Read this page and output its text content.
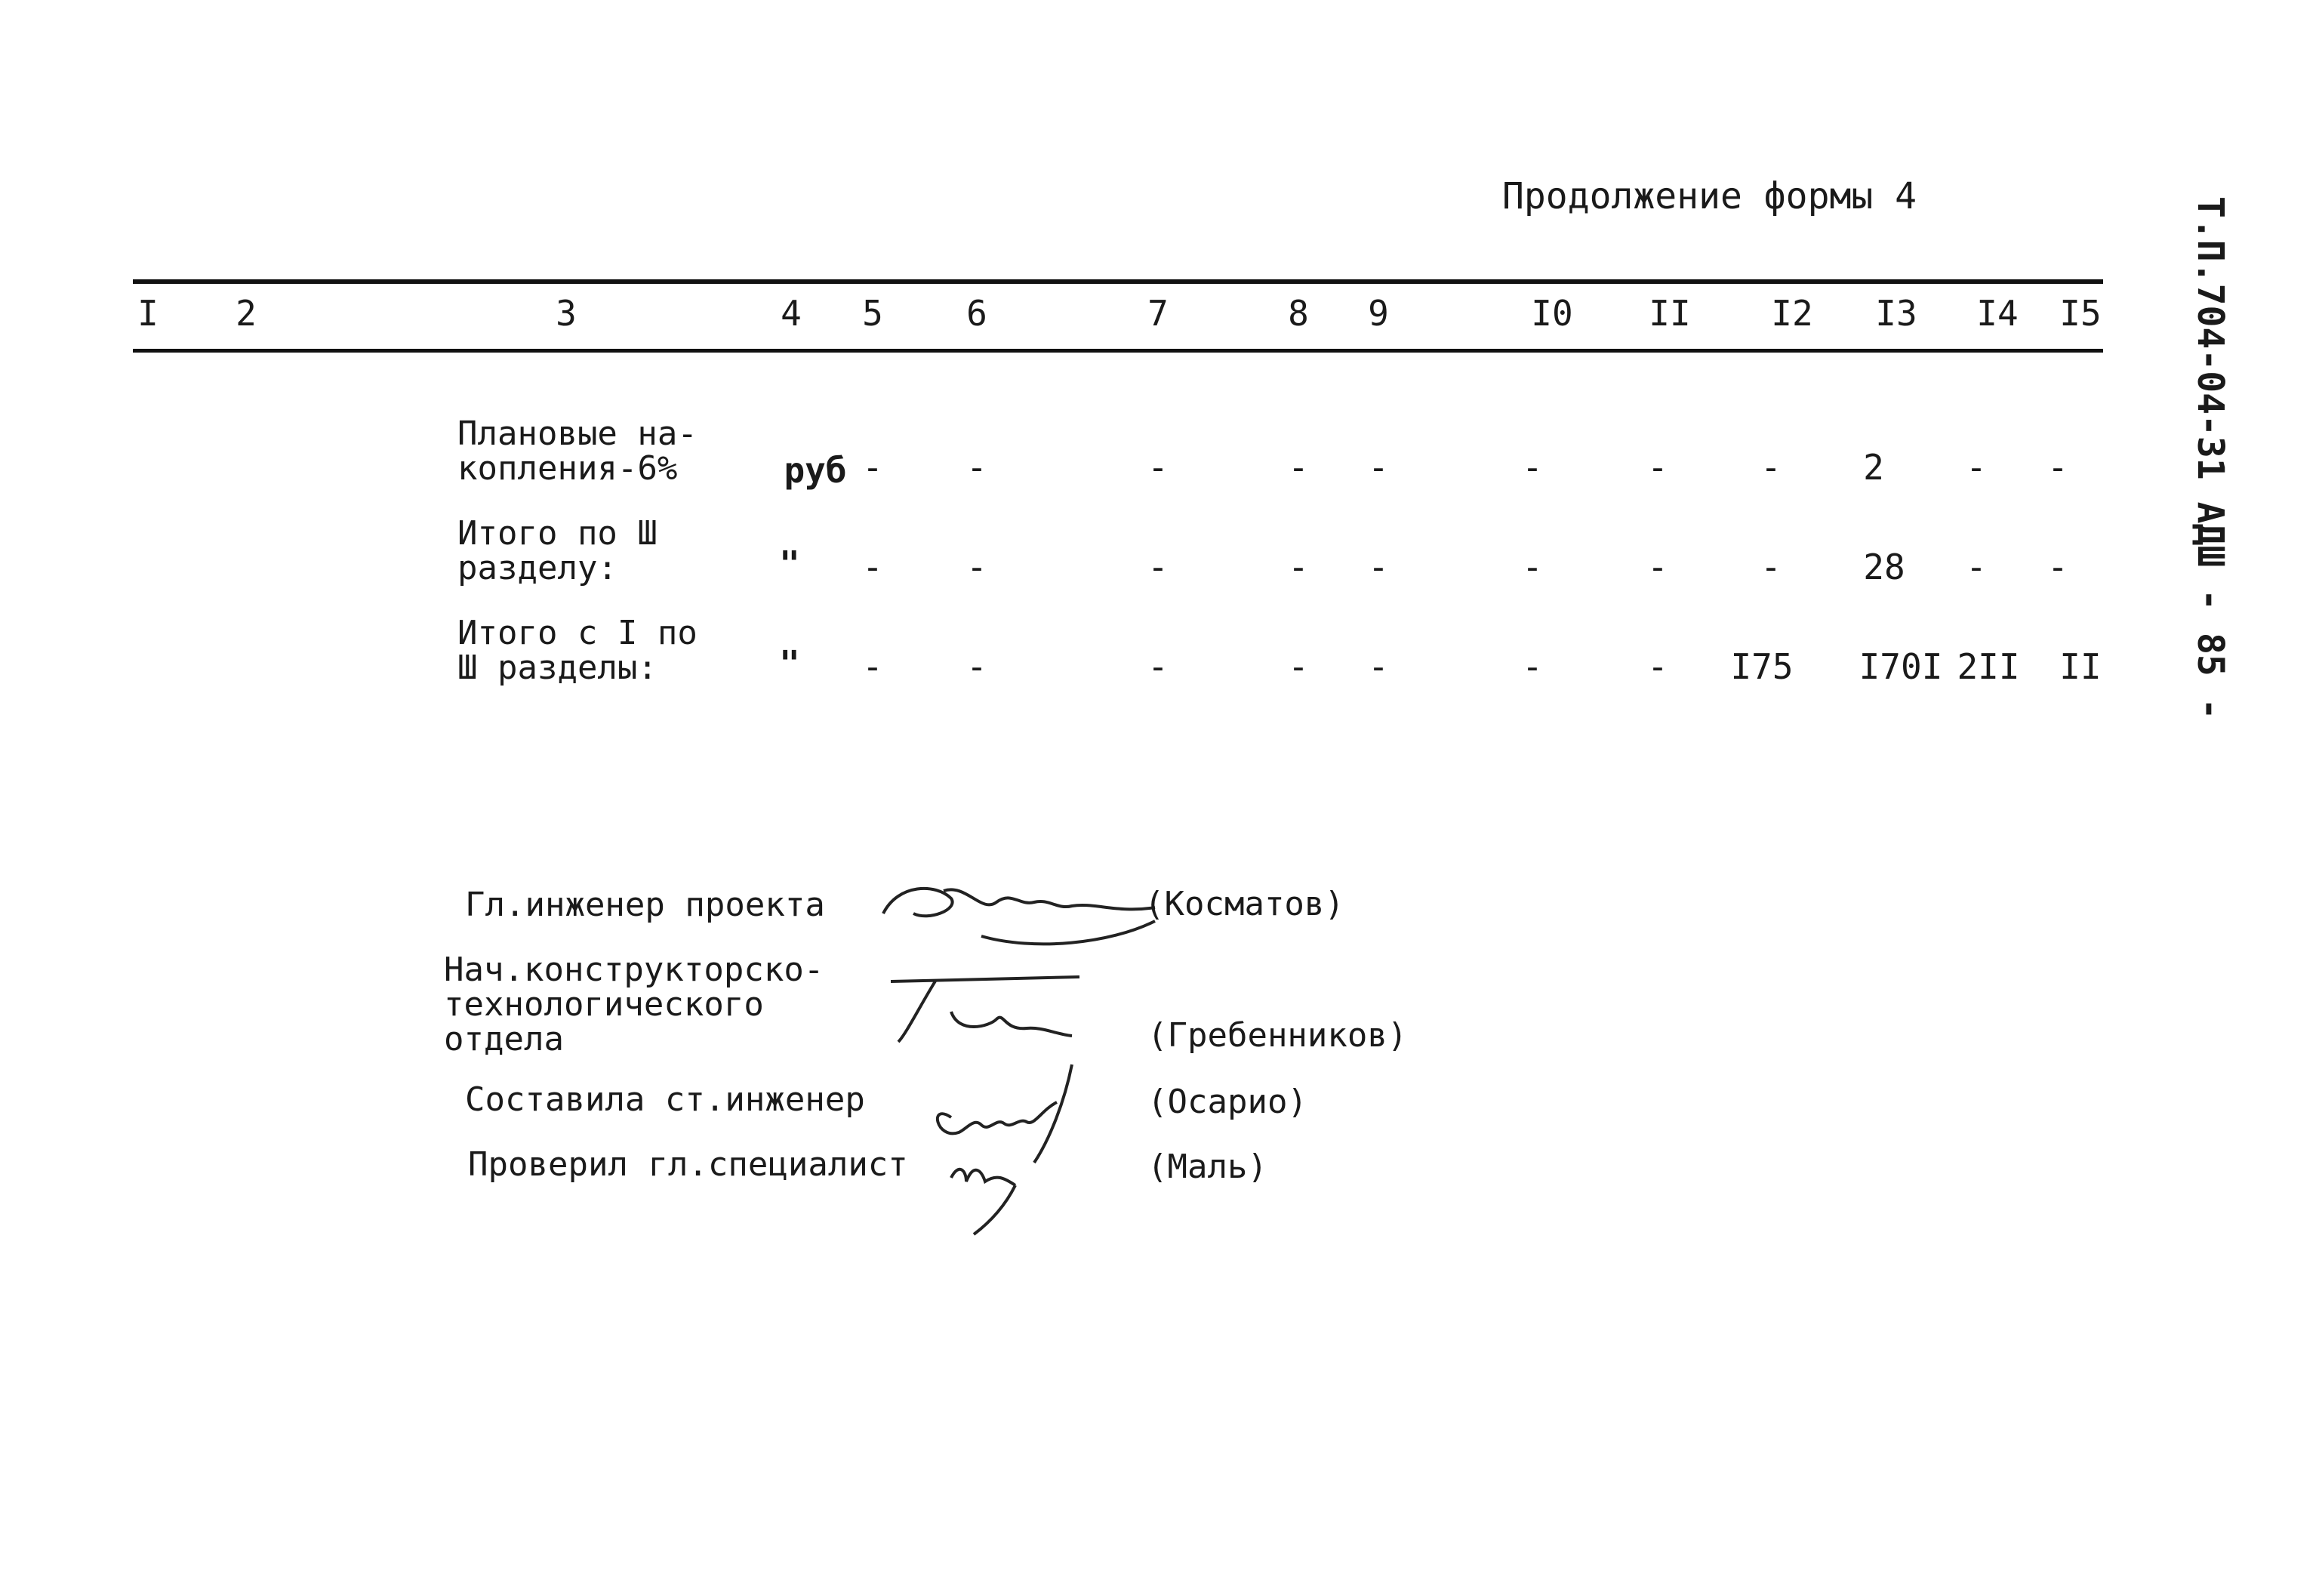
Продолжение формы 4	Т.П.704-04-31 АДШ - 85 -
I 2	3	4 5 6	7	8 9	I0 II I2 I3 I4 I5
Плановые на-
копления-6%	руб - -	-	- -	-	-	- 2 - -
Итого по Ш
разделу:	" - -	-	- -	-	-	- 28 - -
Итого с I по
Ш разделы:	" - -	-	- -	-	- I75 I70I 2II II
Гл.инженер проекта	(Косматов)
Нач.конструкторско-
технологического
отдела	(Гребенников)
Составила ст.инженер	(Осарио)
Проверил гл.специалист	(Маль)
